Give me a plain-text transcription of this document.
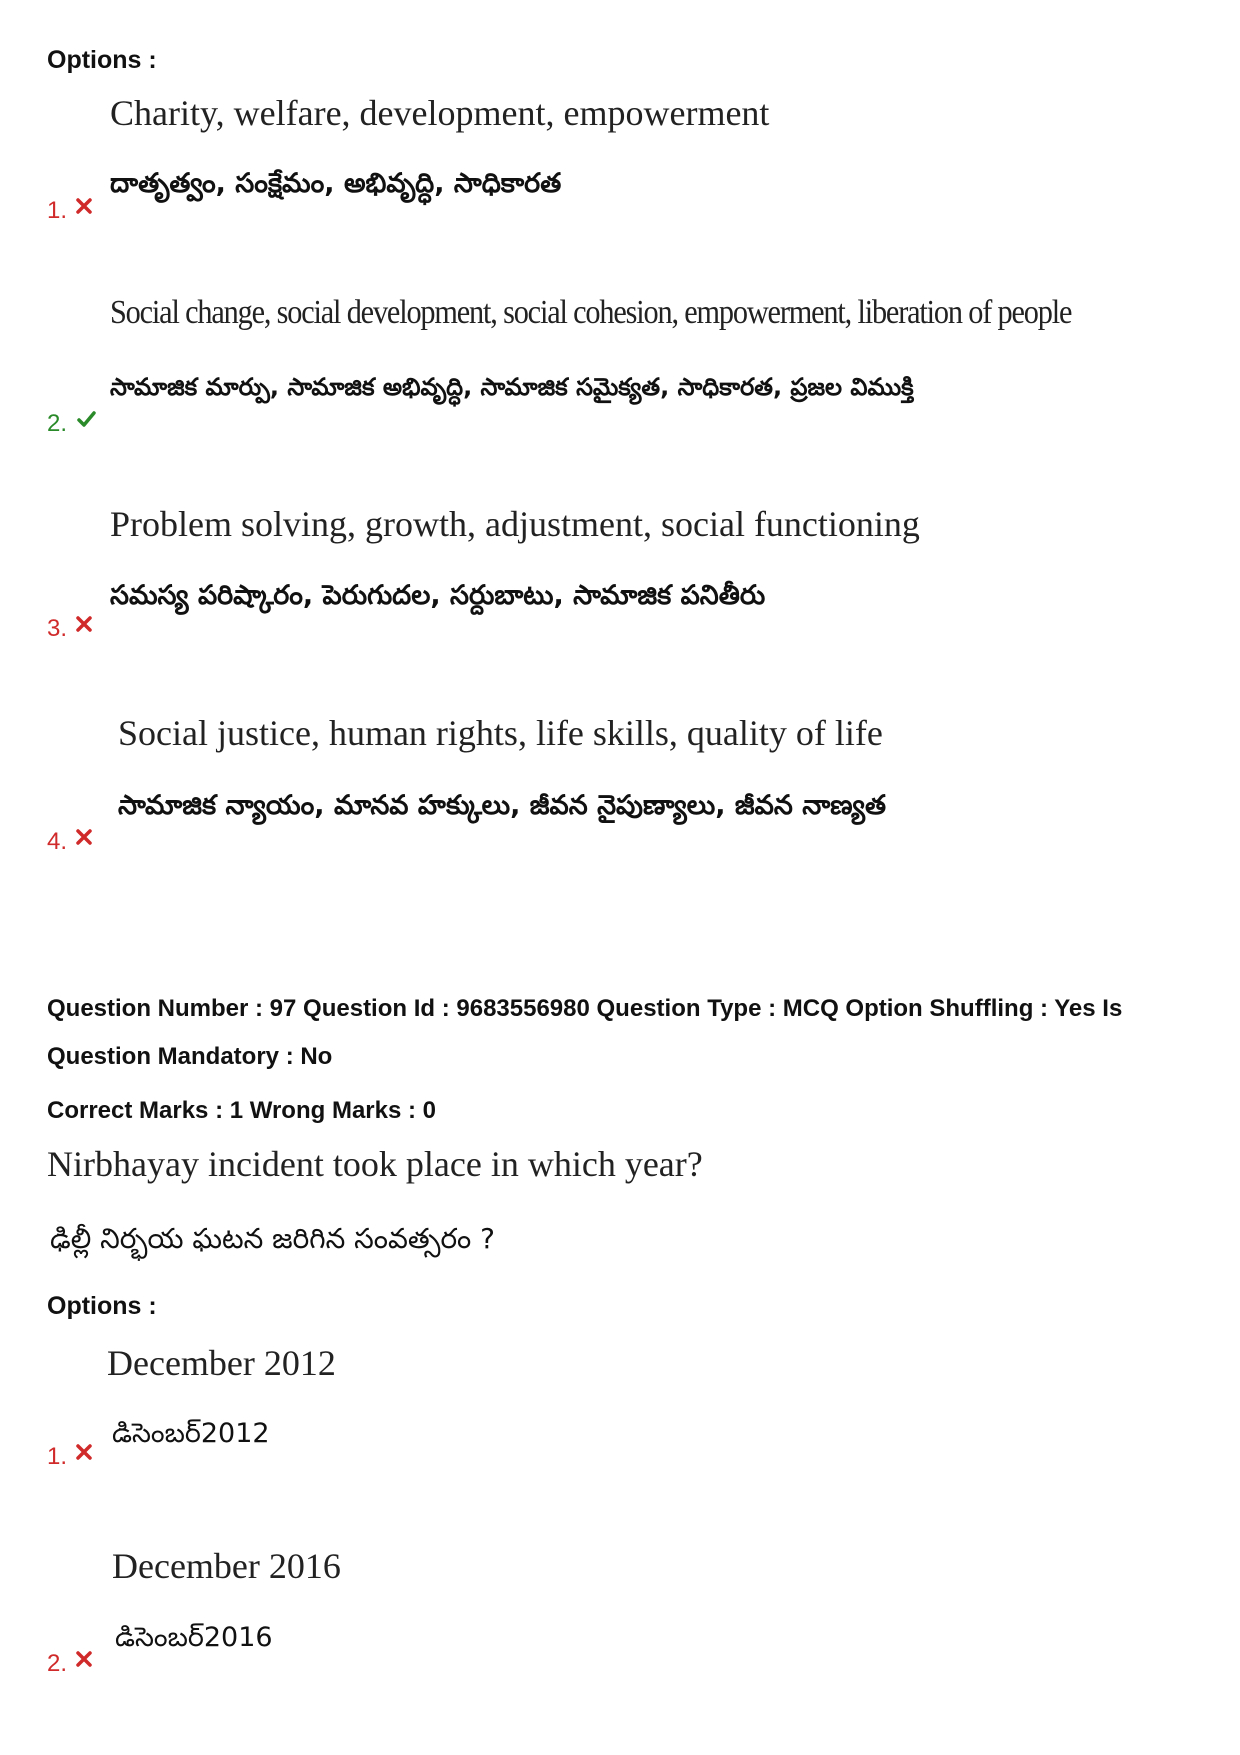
Options :
Charity, welfare, development, empowerment
దాతృత్వం, సంక్షేమం, అభివృద్ధి, సాధికారత
1.
Social change, social development, social cohesion, empowerment, liberation of people
సామాజిక మార్పు, సామాజిక అభివృద్ధి, సామాజిక సమైక్యత, సాధికారత, ప్రజల విముక్తి
2.
Problem solving, growth, adjustment, social functioning
సమస్య పరిష్కారం, పెరుగుదల, సర్దుబాటు, సామాజిక పనితీరు
3.
Social justice, human rights, life skills, quality of life
సామాజిక న్యాయం, మానవ హక్కులు, జీవన నైపుణ్యాలు, జీవన నాణ్యత
4.
Question Number : 97 Question Id : 9683556980 Question Type : MCQ Option Shuffling : Yes Is
Question Mandatory : No
Correct Marks : 1 Wrong Marks : 0
Nirbhayay incident took place in which year?
ఢిల్లీ నిర్భయ ఘటన జరిగిన సంవత్సరం ?
Options :
December 2012
డిసెంబర్2012
1.
December 2016
డిసెంబర్2016
2.
